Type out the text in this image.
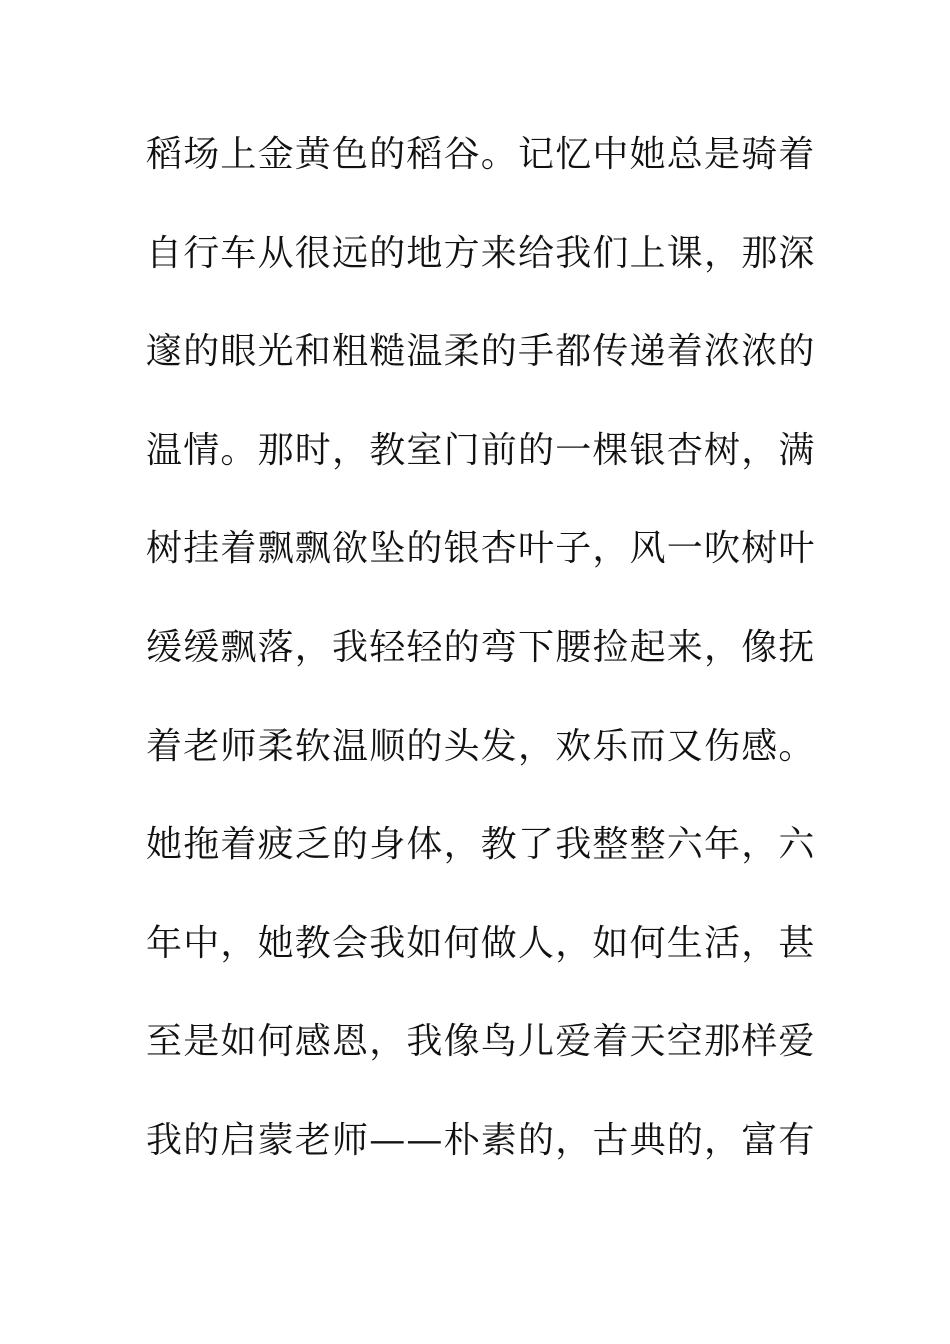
稻场上金黄色的稻谷。记忆中她总是骑着
自行车从很远的地方来给我们上课，那深
邃的眼光和粗糙温柔的手都传递着浓浓的
温情。那时，教室门前的一棵银杏树，满
树挂着飘飘欲坠的银杏叶子，风一吹树叶
缓缓飘落，我轻轻的弯下腰捡起来，像抚
着老师柔软温顺的头发，欢乐而又伤感。
她拖着疲乏的身体，教了我整整六年，六
年中，她教会我如何做人，如何生活，甚
至是如何感恩，我像鸟儿爱着天空那样爱
我的启蒙老师——朴素的，古典的，富有
